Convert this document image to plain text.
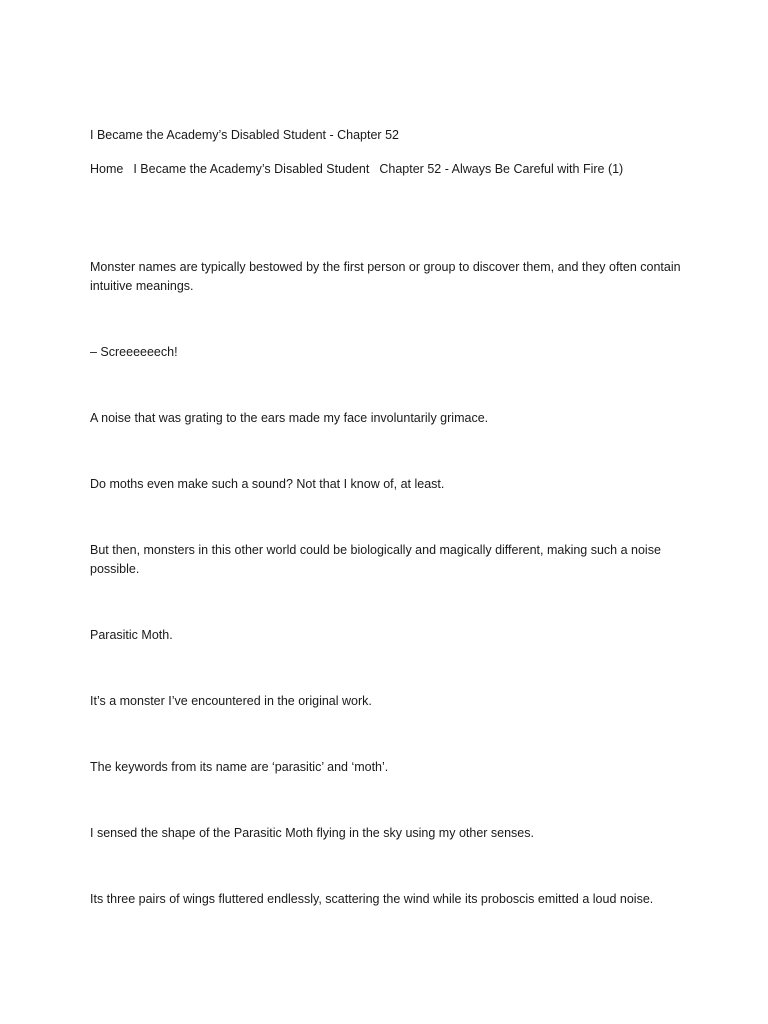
I Became the Academy’s Disabled Student - Chapter 52
Home I Became the Academy’s Disabled Student Chapter 52 - Always Be Careful with Fire (1)

Monster names are typically bestowed by the first person or group to discover them, and they often contain intuitive meanings.

– Screeeeeech!

A noise that was grating to the ears made my face involuntarily grimace.

Do moths even make such a sound? Not that I know of, at least.

But then, monsters in this other world could be biologically and magically different, making such a noise possible.

Parasitic Moth.

It’s a monster I’ve encountered in the original work.

The keywords from its name are ‘parasitic’ and ‘moth’.

I sensed the shape of the Parasitic Moth flying in the sky using my other senses.

Its three pairs of wings fluttered endlessly, scattering the wind while its proboscis emitted a loud noise.
